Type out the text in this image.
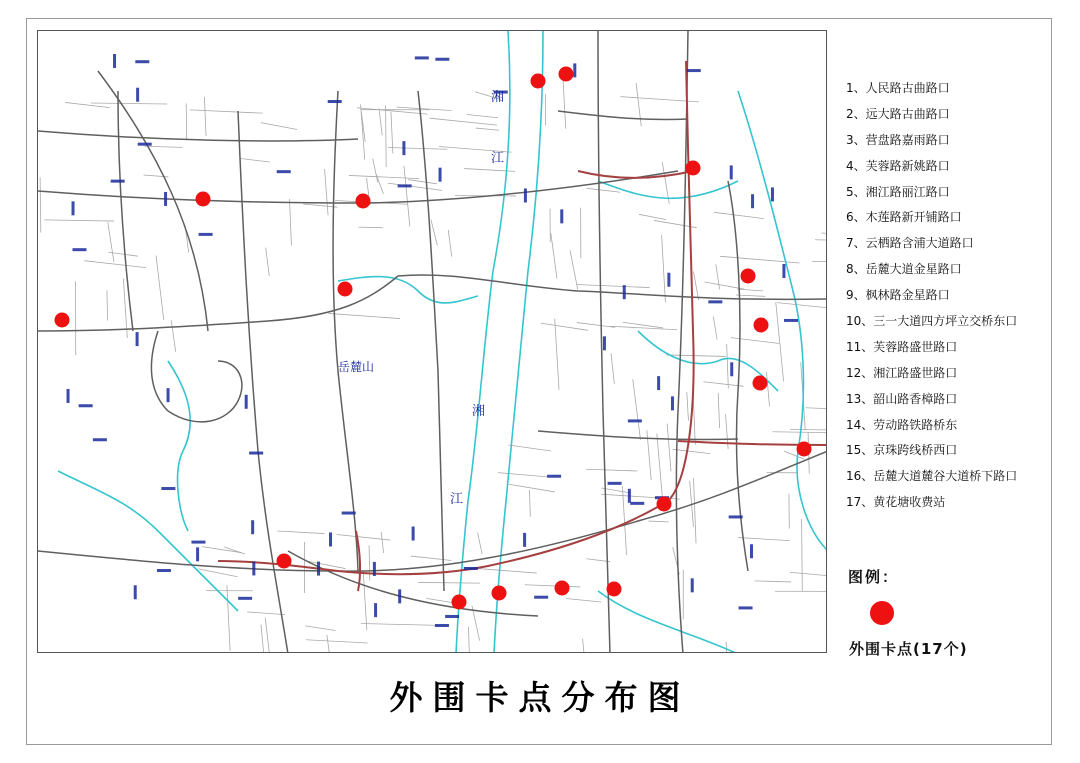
湘
江
湘
江
岳麓山
1、人民路古曲路口
2、远大路古曲路口
3、营盘路嘉雨路口
4、芙蓉路新姚路口
5、湘江路丽江路口
6、木莲路新开铺路口
7、云栖路含浦大道路口
8、岳麓大道金星路口
9、枫林路金星路口
10、三一大道四方坪立交桥东口
11、芙蓉路盛世路口
12、湘江路盛世路口
13、韶山路香樟路口
14、劳动路铁路桥东
15、京珠跨线桥西口
16、岳麓大道麓谷大道桥下路口
17、黄花塘收费站
图例：
外围卡点(17个)
外围卡点分布图
